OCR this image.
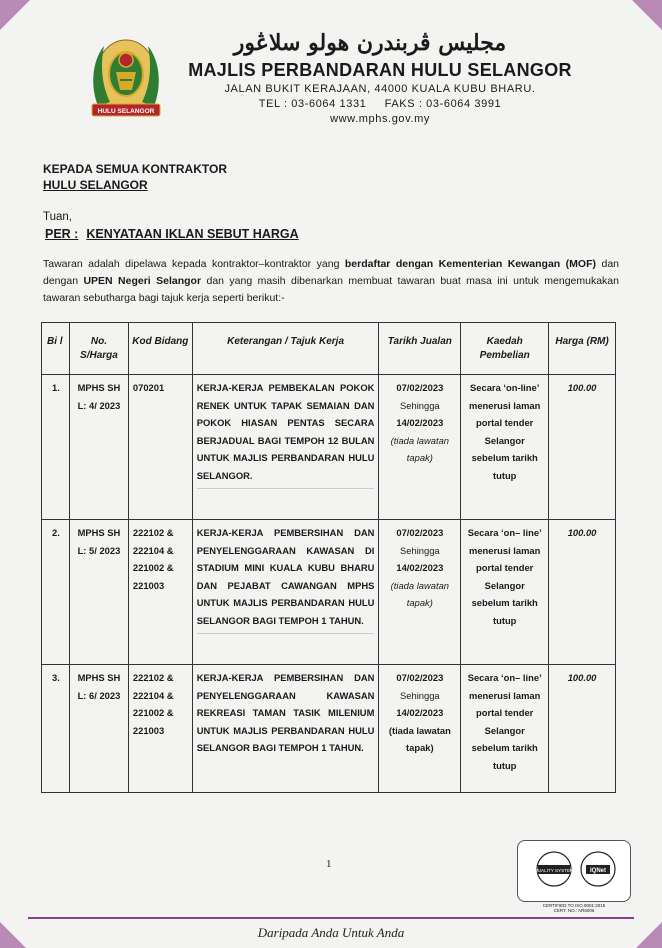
HULU SELANGOR
مجليس ڤربندرن هولو سلاڠور
MAJLIS PERBANDARAN HULU SELANGOR
JALAN BUKIT KERAJAAN, 44000 KUALA KUBU BHARU.
TEL : 03-6064 1331     FAKS : 03-6064 3991
www.mphs.gov.my
KEPADA SEMUA KONTRAKTOR
HULU SELANGOR
Tuan,
PER : KENYATAAN IKLAN SEBUT HARGA
Tawaran adalah dipelawa kepada kontraktor–kontraktor yang berdaftar dengan Kementerian Kewangan (MOF) dan dengan UPEN Negeri Selangor dan yang masih dibenarkan membuat tawaran buat masa ini untuk mengemukakan tawaran sebutharga bagi tajuk kerja seperti berikut:-
Bi l	No. S/Harga	Kod Bidang	Keterangan / Tajuk Kerja	Tarikh Jualan	Kaedah Pembelian	Harga (RM)
1.	MPHS SH L: 4/ 2023	070201	KERJA-KERJA PEMBEKALAN POKOK RENEK UNTUK TAPAK SEMAIAN DAN POKOK HIASAN PENTAS SECARA BERJADUAL BAGI TEMPOH 12 BULAN UNTUK MAJLIS PERBANDARAN HULU SELANGOR.	07/02/2023
Sehingga
14/02/2023
(tiada lawatan tapak)	Secara ‘on-line’ menerusi laman portal tender Selangor sebelum tarikh tutup	100.00
2.	MPHS SH L: 5/ 2023	222102 & 222104 & 221002 & 221003	KERJA-KERJA PEMBERSIHAN DAN PENYELENGGARAAN KAWASAN DI STADIUM MINI KUALA KUBU BHARU DAN PEJABAT CAWANGAN MPHS UNTUK MAJLIS PERBANDARAN HULU SELANGOR BAGI TEMPOH 1 TAHUN.	07/02/2023
Sehingga
14/02/2023
(tiada lawatan tapak)	Secara ‘on– line’ menerusi laman portal tender Selangor sebelum tarikh tutup	100.00
3.	MPHS SH L: 6/ 2023	222102 & 222104 & 221002 & 221003	KERJA-KERJA PEMBERSIHAN DAN PENYELENGGARAAN KAWASAN REKREASI TAMAN TASIK MILENIUM UNTUK MAJLIS PERBANDARAN HULU SELANGOR BAGI TEMPOH 1 TAHUN.	07/02/2023
Sehingga
14/02/2023
(tiada lawatan tapak)	Secara ‘on– line’ menerusi laman portal tender Selangor sebelum tarikh tutup	100.00
1
QUALITY SYSTEM	IQNet
CERTIFIED TO ISO 9001:2015
CERT. NO.: AR6006
Daripada Anda Untuk Anda
